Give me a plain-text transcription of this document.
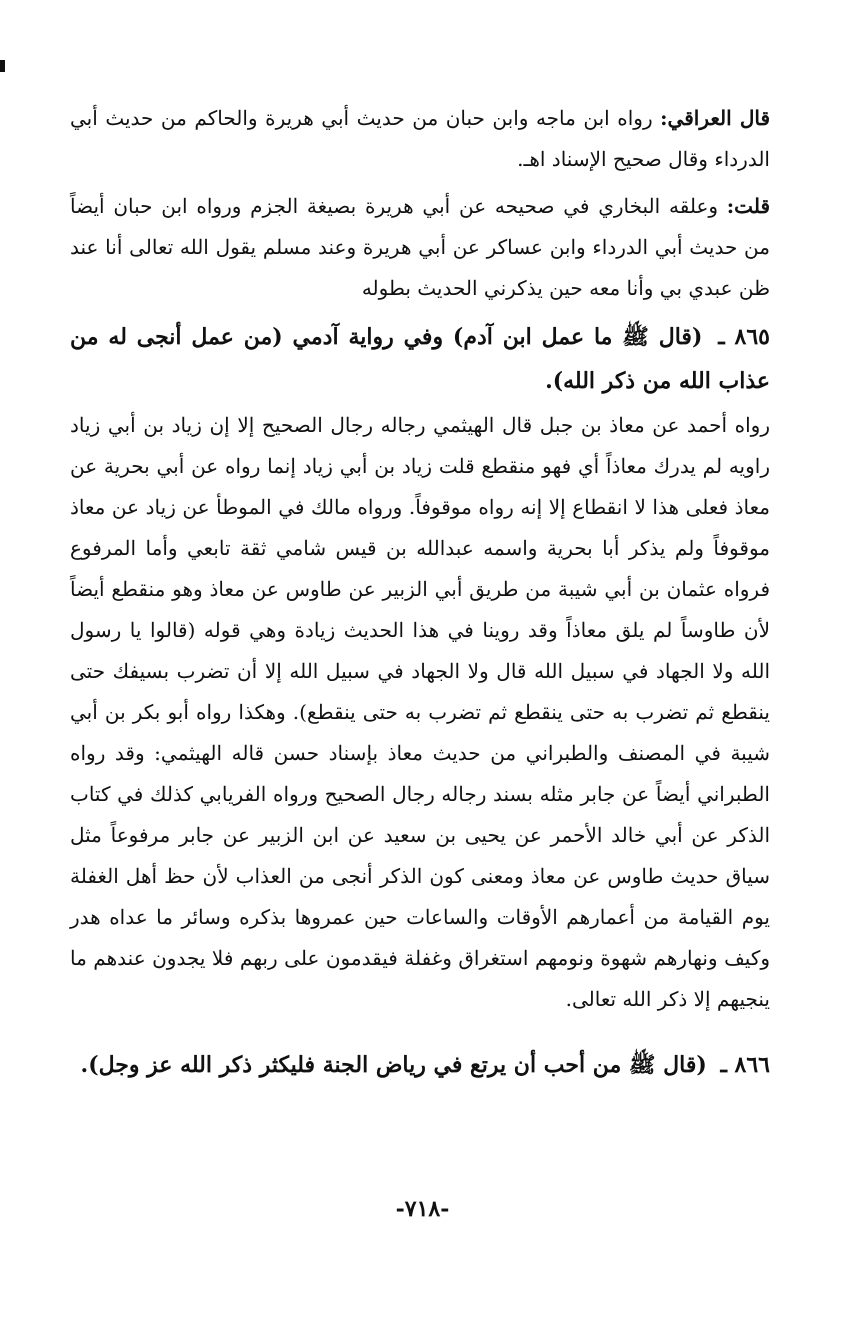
قال العراقي: رواه ابن ماجه وابن حبان من حديث أبي هريرة والحاكم من حديث أبي الدرداء وقال صحيح الإسناد اهـ.

قلت: وعلقه البخاري في صحيحه عن أبي هريرة بصيغة الجزم ورواه ابن حبان أيضاً من حديث أبي الدرداء وابن عساكر عن أبي هريرة وعند مسلم يقول الله تعالى أنا عند ظن عبدي بي وأنا معه حين يذكرني الحديث بطوله

٨٦٥ ـ (قال ﷺ ما عمل ابن آدم) وفي رواية آدمي (من عمل أنجى له من عذاب الله من ذكر الله).

رواه أحمد عن معاذ بن جبل قال الهيثمي رجاله رجال الصحيح إلا إن زياد بن أبي زياد راويه لم يدرك معاذاً أي فهو منقطع قلت زياد بن أبي زياد إنما رواه عن أبي بحرية عن معاذ فعلى هذا لا انقطاع إلا إنه رواه موقوفاً. ورواه مالك في الموطأ عن زياد عن معاذ موقوفاً ولم يذكر أبا بحرية واسمه عبدالله بن قيس شامي ثقة تابعي وأما المرفوع فرواه عثمان بن أبي شيبة من طريق أبي الزبير عن طاوس عن معاذ وهو منقطع أيضاً لأن طاوساً لم يلق معاذاً وقد روينا في هذا الحديث زيادة وهي قوله (قالوا يا رسول الله ولا الجهاد في سبيل الله قال ولا الجهاد في سبيل الله إلا أن تضرب بسيفك حتى ينقطع ثم تضرب به حتى ينقطع ثم تضرب به حتى ينقطع). وهكذا رواه أبو بكر بن أبي شيبة في المصنف والطبراني من حديث معاذ بإسناد حسن قاله الهيثمي: وقد رواه الطبراني أيضاً عن جابر مثله بسند رجاله رجال الصحيح ورواه الفريابي كذلك في كتاب الذكر عن أبي خالد الأحمر عن يحيى بن سعيد عن ابن الزبير عن جابر مرفوعاً مثل سياق حديث طاوس عن معاذ ومعنى كون الذكر أنجى من العذاب لأن حظ أهل الغفلة يوم القيامة من أعمارهم الأوقات والساعات حين عمروها بذكره وسائر ما عداه هدر وكيف ونهارهم شهوة ونومهم استغراق وغفلة فيقدمون على ربهم فلا يجدون عندهم ما ينجيهم إلا ذكر الله تعالى.

٨٦٦ ـ (قال ﷺ من أحب أن يرتع في رياض الجنة فليكثر ذكر الله عز وجل).

-٧١٨-
